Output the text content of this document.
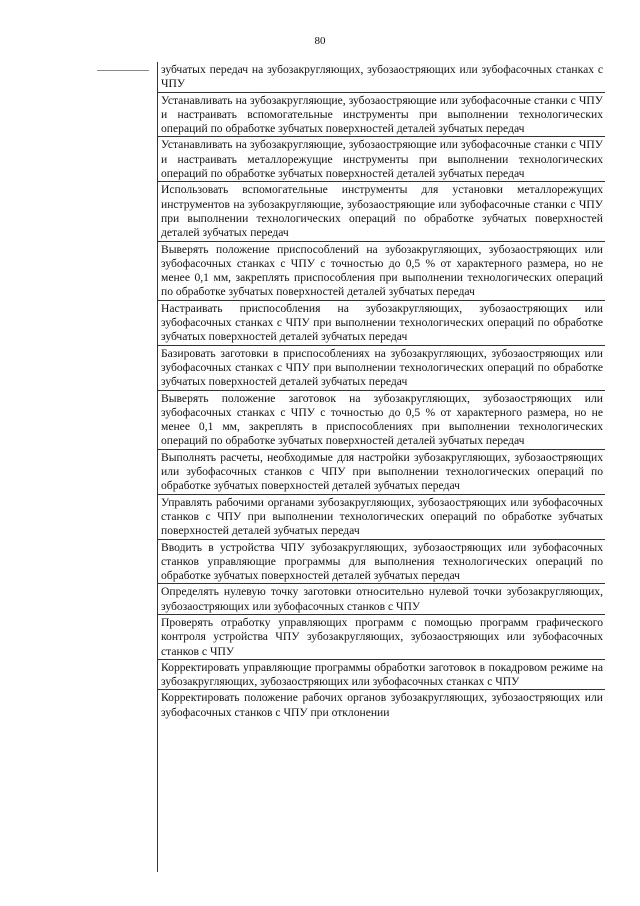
80

зубчатых передач на зубозакругляющих, зубозаостряющих или зубофасочных станках с ЧПУ

Устанавливать на зубозакругляющие, зубозаостряющие или зубофасочные станки с ЧПУ и настраивать вспомогательные инструменты при выполнении технологических операций по обработке зубчатых поверхностей деталей зубчатых передач

Устанавливать на зубозакругляющие, зубозаостряющие или зубофасочные станки с ЧПУ и настраивать металлорежущие инструменты при выполнении технологических операций по обработке зубчатых поверхностей деталей зубчатых передач

Использовать вспомогательные инструменты для установки металлорежущих инструментов на зубозакругляющие, зубозаостряющие или зубофасочные станки с ЧПУ при выполнении технологических операций по обработке зубчатых поверхностей деталей зубчатых передач

Выверять положение приспособлений на зубозакругляющих, зубозаостряющих или зубофасочных станках с ЧПУ с точностью до 0,5 % от характерного размера, но не менее 0,1 мм, закреплять приспособления при выполнении технологических операций по обработке зубчатых поверхностей деталей зубчатых передач

Настраивать приспособления на зубозакругляющих, зубозаостряющих или зубофасочных станках с ЧПУ при выполнении технологических операций по обработке зубчатых поверхностей деталей зубчатых передач

Базировать заготовки в приспособлениях на зубозакругляющих, зубозаостряющих или зубофасочных станках с ЧПУ при выполнении технологических операций по обработке зубчатых поверхностей деталей зубчатых передач

Выверять положение заготовок на зубозакругляющих, зубозаостряющих или зубофасочных станках с ЧПУ с точностью до 0,5 % от характерного размера, но не менее 0,1 мм, закреплять в приспособлениях при выполнении технологических операций по обработке зубчатых поверхностей деталей зубчатых передач

Выполнять расчеты, необходимые для настройки зубозакругляющих, зубозаостряющих или зубофасочных станков с ЧПУ при выполнении технологических операций по обработке зубчатых поверхностей деталей зубчатых передач

Управлять рабочими органами зубозакругляющих, зубозаостряющих или зубофасочных станков с ЧПУ при выполнении технологических операций по обработке зубчатых поверхностей деталей зубчатых передач

Вводить в устройства ЧПУ зубозакругляющих, зубозаостряющих или зубофасочных станков управляющие программы для выполнения технологических операций по обработке зубчатых поверхностей деталей зубчатых передач

Определять нулевую точку заготовки относительно нулевой точки зубозакругляющих, зубозаостряющих или зубофасочных станков с ЧПУ

Проверять отработку управляющих программ с помощью программ графического контроля устройства ЧПУ зубозакругляющих, зубозаостряющих или зубофасочных станков с ЧПУ

Корректировать управляющие программы обработки заготовок в покадровом режиме на зубозакругляющих, зубозаостряющих или зубофасочных станках с ЧПУ

Корректировать положение рабочих органов зубозакругляющих, зубозаостряющих или зубофасочных станков с ЧПУ при отклонении
